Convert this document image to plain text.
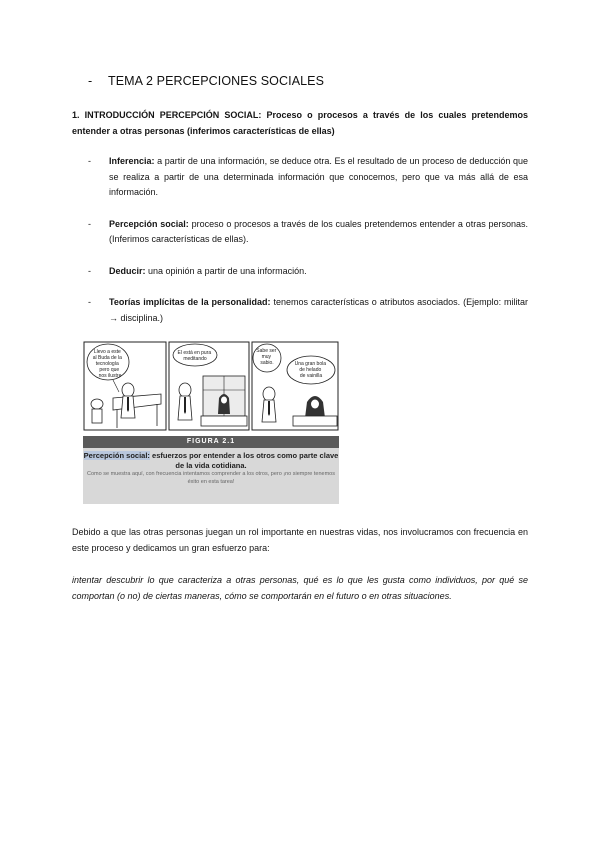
-	TEMA 2 PERCEPCIONES SOCIALES
1. INTRODUCCIÓN PERCEPCIÓN SOCIAL: Proceso o procesos a través de los cuales pretendemos entender a otras personas (inferimos características de ellas)
-	Inferencia: a partir de una información, se deduce otra. Es el resultado de un proceso de deducción que se realiza a partir de una determinada información que conocemos, pero que va más allá de esa información.
-	Percepción social: proceso o procesos a través de los cuales pretendemos entender a otras personas. (Inferimos características de ellas).
-	Deducir: una opinión a partir de una información.
-	Teorías implícitas de la personalidad: tenemos características o atributos asociados. (Ejemplo: militar → disciplina.)
Llevo a este al Buda de la tecnología pero que nos ilustre
El está en pura meditando
Sabe ser muy sabio.	Una gran bola de helado de vainilla
FIGURA 2.1
Percepción social: esfuerzos por entender a los otros como parte clave de la vida cotidiana.
Como se muestra aquí, con frecuencia intentamos comprender a los otros, pero ¡no siempre tenemos éxito en esta tarea!
Debido a que las otras personas juegan un rol importante en nuestras vidas, nos involucramos con frecuencia en este proceso y dedicamos un gran esfuerzo para:
intentar descubrir lo que caracteriza a otras personas, qué es lo que les gusta como individuos, por qué se comportan (o no) de ciertas maneras, cómo se comportarán en el futuro o en otras situaciones.
